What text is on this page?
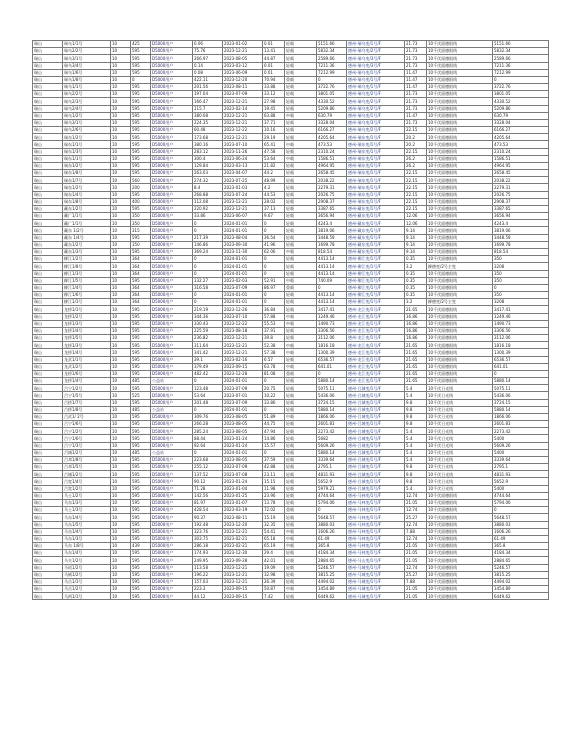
瑞山	瑞乌1/1号	10	425	D5000用户	0.06	2023-01-02	0.01	轻载	5151.66	德州-瑞乌变/1号/F	21.73	10千伏面德阳线	5151.66
瑞山	瑞乌2/2号	10	595	D5000用户	75.76	2023-12-21	13.41	轻载	5832.34	德州-瑞乌变/2号/F	21.73	10千伏面德阳线	5832.34
瑞山	瑞乌3/1号	10	595	D5000用户	266.97	2023-08-05	44.87	轻载	2589.66	德州-瑞乌变/3号/F	21.73	10千伏面德阳线	2589.66
瑞山	瑞乌3/4号	10	595	D5000用户	0.14	2023-03-12	0.01	轻载	7211.36	德州-瑞乌变/3号/F	21.73	10千伏面德阳线	7211.36
瑞山	瑞乌1/6号	10	595	D5000用户	0.08	2023-06-09	0.01	轻载	7212.99	德州-瑞乌变/1号/F	11.47	10千伏面德阳线	7212.99
瑞山	瑞乌1/8号	10	0	D5000用户	422.11	2023-12-20	70.94	重载	0	德州-瑞乌变/1号/F	11.47	10千伏面德阳线	0
瑞山	瑞乌1/1号	10	595	D5000用户	201.56	2023-08-11	33.88	轻载	3722.76	德州-瑞乌变/1号/F	11.47	10千伏面德阳线	3722.76
瑞山	瑞乌2/2号	10	595	D5000用户	197.04	2023-07-09	33.12	轻载	3801.05	德州-瑞乌变/2号/F	21.73	10千伏面德阳线	3801.05
瑞山	瑞乌2/3号	10	595	D5000用户	166.47	2023-12-21	27.98	轻载	4330.52	德州-瑞乌变/2号/F	21.73	10千伏面德阳线	4330.52
瑞山	瑞乌2/4号	10	595	D5000用户	115.7	2023-02-14	19.45	轻载	5209.86	德州-瑞乌变/2号/F	21.73	10千伏面德阳线	5209.86
瑞山	瑞乌1/2号	10	595	D5000用户	380.08	2023-12-21	63.88	中载	630.79	德州-瑞乌变/1号/F	11.47	10千伏面德阳线	630.79
瑞山	瑞乌3/1号	10	595	D5000用户	224.35	2023-12-21	37.71	轻载	3328.04	德州-瑞乌变/3号/F	21.73	10千伏面德阳线	3328.04
瑞山	瑞乌2/6号	10	595	D5000用户	60.48	2023-12-22	10.16	轻载	6166.27	德州-瑞乌变/2号/F	22.15	10千伏面德阳线	6166.27
瑞山	瑞东1/2号	10	595	D5000用户	173.68	2023-12-21	29.19	轻载	4205.64	德州-瑞东变/1号/F	20.2	10千伏面德阳线	4205.64
瑞山	瑞东1/1号	10	595	D5000用户	380.16	2023-07-10	65.41	中载	473.53	德州-瑞东变/1号/F	20.2	10千伏面德阳线	473.53
瑞山	瑞东1/3号	10	595	D5000用户	283.12	2023-11-26	47.58	轻载	2310.24	德州-瑞东变/1号/F	22.15	10千伏面德阳线	2310.24
瑞山	瑞东1/1号	10	595	D5000用户	300.4	2023-06-24	53.64	中载	1586.51	德州-瑞东变/1号/F	26.2	10千伏面德阳线	1586.51
瑞山	瑞东1/2号	10	595	D5000用户	129.84	2023-03-13	21.82	轻载	4964.95	德州-瑞东变/1号/F	26.2	10千伏面德阳线	4964.95
瑞山	瑞东1/8号	10	595	D5000用户	263.03	2023-04-07	44.2	轻载	2658.45	德州-瑞东变/1号/F	22.15	10千伏面德阳线	2658.45
瑞山	瑞东1/7号	10	560	D5000用户	274.32	2023-07-25	48.99	轻载	2038.22	德州-瑞东变/1号/F	22.15	10千伏面德阳线	2038.22
瑞山	瑞东1/2号	10	200	D5000用户	8.4	2023-01-03	4.2	轻载	2279.31	德州-瑞东变/1号/F	22.15	10千伏面德阳线	2279.31
瑞山	瑞东1/4号	10	595	D5000用户	268.88	2023-07-24	44.53	轻载	2026.75	德州-瑞东变/1号/F	22.15	10千伏面德阳线	2026.75
瑞山	瑞东1/8号	10	400	D5000用户	112.08	2023-12-21	28.02	轻载	2908.37	德州-瑞东变/1号/F	22.15	10千伏面德阳线	2908.37
瑞山	藏东1/2号	10	595	D5000用户	220.92	2023-12-21	37.13	轻载	3387.65	德州-藏东变/1号/F	22.15	10千伏面德阳线	3387.65
瑞山	藏广1/1号	10	350	D5000用户	33.86	2023-06-07	9.67	轻载	3656.94	德州-藏东变/1号/F	12.06	10千伏面德阳线	3656.94
瑞山	藏广1/1号	10	350	D5000用户	0	2024-01-01	0	轻载	4243.4	德州-藏东变/1号/F	12.06	10千伏面德阳线	4243.4
瑞山	藏东 1/2号	10	315	D5000用户	0	2024-01-01	0	轻载	3819.06	德州-藏东变/1号/F	9.14	10千伏面德阳线	3819.06
瑞山	藏东 1/4号	10	595	D5000用户	217.39	2023-08-04	36.54	轻载	3448.59	德州-藏东变/1号/F	9.14	10千伏面德阳线	3448.59
瑞山	藏东1/2号	10	350	D5000用户	146.86	2023-09-30	41.96	轻载	1699.78	德州-藏东变/1号/F	9.14	10千伏面德阳线	1699.78
瑞山	藏东1/3号	10	595	D5000用户	369.24	2023-11-30	62.06	中载	818.54	德州-藏东变/1号/F	9.14	10千伏面德阳线	818.54
瑞山	柳江1/2号	10	364	D5000用户	0	2024-01-01	0	轻载	4413.14	德州-柳江变/1号/F	0.35	10千伏面德阳线	350
瑞山	柳江1/8号	10	364	D5000用户	0	2024-01-01	0	轻载	4413.14	德州-柳江变/1号/F	3.2	柳德变/2号主变	3208
瑞山	柳江1/3号	10	364	D5000用户	0	2024-01-01	0	轻载	4413.14	德州-柳江变/1号/F	0.35	10千伏面德阳线	350
瑞山	柳江1/5号	10	595	D5000用户	132.27	2023-02-03	52.91	中载	740.09	德州-柳江变/1号/F	0.35	10千伏面德阳线	350
瑞山	柳江1/4号	10	364	D5000用户	316.58	2023-07-09	86.97	重载	0	德州-柳江变/1号/F	0.35	10千伏面德阳线	0
瑞山	柳江1/6号	10	364	D5000用户	0	2024-01-01	0	轻载	4413.14	德州-柳江变/1号/F	0.35	10千伏面德阳线	350
瑞山	柳江1/1号	10	364	D5000用户	0	2024-01-01	0	轻载	4413.14	德州-柳江变/1号/F	3.2	柳德变/2号主变	3208
瑞山	龙桥1/1号	10	595	D5000用户	219.19	2023-12-26	36.84	轻载	3417.41	德州-龙江变/1号/F	21.65	10千伏面德阳线	3417.41
瑞山	龙桥1/2号	10	595	D5000用户	344.36	2023-07-10	57.88	中载	1249.46	德州-龙江变/1号/F	16.86	10千伏面德阳线	1249.46
瑞山	龙桥1/3号	10	595	D5000用户	330.43	2023-12-22	55.53	中载	1490.73	德州-龙江变/1号/F	16.86	10千伏面德阳线	1490.73
瑞山	龙桥1/4号	10	595	D5000用户	225.59	2023-08-18	37.91	轻载	3306.56	德州-龙江变/1号/F	16.86	10千伏面德阳线	3306.56
瑞山	龙桥1/5号	10	595	D5000用户	236.82	2023-12-21	39.8	轻载	3112.06	德州-龙江变/1号/F	16.86	10千伏面德阳线	3112.06
瑞山	龙桥1/3号	10	595	D5000用户	311.64	2023-12-21	52.38	中载	1816.18	德州-龙江变/1号/F	21.65	10千伏面德阳线	1816.18
瑞山	龙桥1/4号	10	595	D5000用户	341.42	2023-12-21	57.38	中载	1300.39	德州-龙江变/1号/F	21.65	10千伏面德阳线	1300.39
瑞山	龙武1/1号	10	595	D5000用户	39.1	2023-02-16	6.57	轻载	6536.57	德州-龙江变/1号/F	21.65	10千伏面德阳线	6536.57
瑞山	龙武1/2号	10	595	D5000用户	379.49	2023-09-15	63.78	中载	641.01	德州-龙江变/1号/F	21.65	10千伏面德阳线	641.01
瑞山	龙桥1/6号	10	595	D5000用户	482.42	2023-12-28	81.08	重载	0	德州-龙江变/1号/F	21.65	10千伏面德阳线	0
瑞山	龙桥1/4号	10	485	公益站	0	2024-01-01	0	轻载	5880.14	德州-龙江变/1号/F	21.65	10千伏面德阳线	5880.14
瑞山	吕宁1/2号	10	595	D5000用户	123.48	2023-07-09	20.75	轻载	5075.11	德州-吕城变/1号/F	5.4	10千伏日光线	5075.11
瑞山	吕宁1/5号	10	525	D5000用户	53.64	2023-07-01	10.22	轻载	5436.06	德州-吕城变/1号/F	5.4	10千伏日光线	5436.06
瑞山	吕桥1/7号	10	595	D5000用户	201.48	2023-07-09	33.86	轻载	3724.15	德州-吕城变/1号/F	9.8	10千伏日光线	3724.15
瑞山	吕桥1/8号	10	485	公益站	0	2024-01-01	0	轻载	5880.14	德州-吕城变/1号/F	9.8	10千伏日光线	5880.14
瑞山	吕武1/ 2号	10	595	D5000用户	309.76	2023-08-05	51.89	中载	1866.06	德州-吕城变/1号/F	9.8	10千伏日光线	1866.06
瑞山	吕宁1/6号	10	595	D5000用户	266.28	2023-08-05	44.75	轻载	2601.81	德州-吕城变/1号/F	9.8	10千伏日光线	2601.81
瑞山	吕宁1/2号	10	595	D5000用户	285.24	2023-08-05	47.94	轻载	2273.42	德州-吕城变/1号/F	5.4	10千伏日光线	2273.42
瑞山	吕宁1/6号	10	595	D5000用户	88.44	2023-01-24	14.86	轻载	5682	德州-吕城变/1号/F	5.4	10千伏日光线	5400
瑞山	吕宁1/3号	10	595	D5000用户	92.64	2023-01-24	15.57	轻载	5609.26	德州-吕城变/1号/F	5.4	10千伏日光线	5609.26
瑞山	吕城1/2号	10	485	公益站	0	2024-01-01	0	轻载	5880.14	德州-吕城变/1号/F	5.4	10千伏日光线	5400
瑞山	吕邦1/8号	10	595	D5000用户	223.68	2023-08-05	37.59	轻载	3339.64	德州-吕城变/1号/F	5.4	10千伏日光线	3339.64
瑞山	吕邦1/5号	10	595	D5000用户	255.12	2023-07-09	42.88	轻载	2795.1	德州-吕城变/1号/F	9.8	10千伏日光线	2795.1
瑞山	吕城1/2号	10	595	D5000用户	137.52	2023-07-08	23.11	轻载	4831.93	德州-吕城变/1号/F	9.8	10千伏日光线	4831.93
瑞山	吕宽1/4号	10	595	D5000用户	90.12	2023-01-24	15.15	轻载	5652.9	德州-吕城变/1号/F	9.8	10千伏日光线	5652.9
瑞山	吕宽1/2号	10	595	D5000用户	71.28	2023-01-04	11.98	轻载	5979.21	德州-吕城变/1号/F	5.4	10千伏日光线	5400
瑞山	马士1/2号	10	595	D5000用户	142.56	2023-01-25	23.96	轻载	4744.64	德州-马林变/1号/F	12.74	10千伏面德阳线	4744.64
瑞山	马东1/3号	10	595	D5000用户	81.97	2023-01-07	13.78	轻载	5794.06	德州-马林变/1号/F	21.05	10千伏面德阳线	5794.06
瑞山	马士1/3号	10	595	D5000用户	428.54	2023-03-19	72.02	重载	0	德州-马林变/1号/F	12.74	10千伏面德阳线	0
瑞山	马东1/4号	10	595	D5000用户	90.37	2023-08-11	15.19	轻载	5648.57	德州-马林变/1号/F	25.27	10千伏面德阳线	5648.57
瑞山	马东1/5号	10	595	D5000用户	192.48	2023-12-20	32.35	轻载	3880.03	德州-马林变/1号/F	12.74	10千伏面德阳线	3880.03
瑞山	马东1/4号	10	595	D5000用户	323.76	2023-12-21	54.41	中载	1606.26	德州-马林变/1号/F	7.88	10千伏面德阳线	1606.26
瑞山	马东1/3号	10	595	D5000用户	303.75	2023-02-21	65.18	中载	61.49	德州-马林变/1号/F	12.74	10千伏面德阳线	61.49
瑞山	马东 1/8号	10	439	D5000用户	286.18	2023-02-21	65.19	中载	365.8	德州-马林变/1号/F	21.05	10千伏面德阳线	365.8
瑞山	马东1/4号	10	595	D5000用户	174.93	2023-12-30	29.4	轻载	4184.34	德州-马林变/1号/F	21.05	10千伏面德阳线	4184.34
瑞山	马关1/2号	10	595	D5000用户	249.95	2023-09-28	42.01	轻载	2884.65	德州-马山变/1号/F	21.05	10千伏面德阳线	2884.65
瑞山	马琐1/2号	10	595	D5000用户	113.58	2023-12-21	19.09	轻载	5246.57	德州-马城变/1号/F	12.74	10千伏面德阳线	5246.57
瑞山	马铺1/2号	10	595	D5000用户	196.22	2023-12-21	32.98	轻载	3815.25	德州-马城变/1号/F	25.27	10千伏面德阳线	3815.25
瑞山	马岳1/1号	10	595	D5000用户	157.03	2023-12-21	26.39	轻载	4494.02	德州-马城变/1号/F	7.88	10千伏面德阳线	4494.02
瑞山	马岳1/2号	10	595	D5000用户	223.3	2023-09-15	50.87	中载	1454.89	德州-马城变/1号/F	21.05	10千伏面德阳线	1454.89
瑞山	马两1/1号	10	595	D5000用户	44.12	2023-09-15	7.42	轻载	6449.62	德州-马城变/1号/F	21.05	10千伏面德阳线	6449.62
